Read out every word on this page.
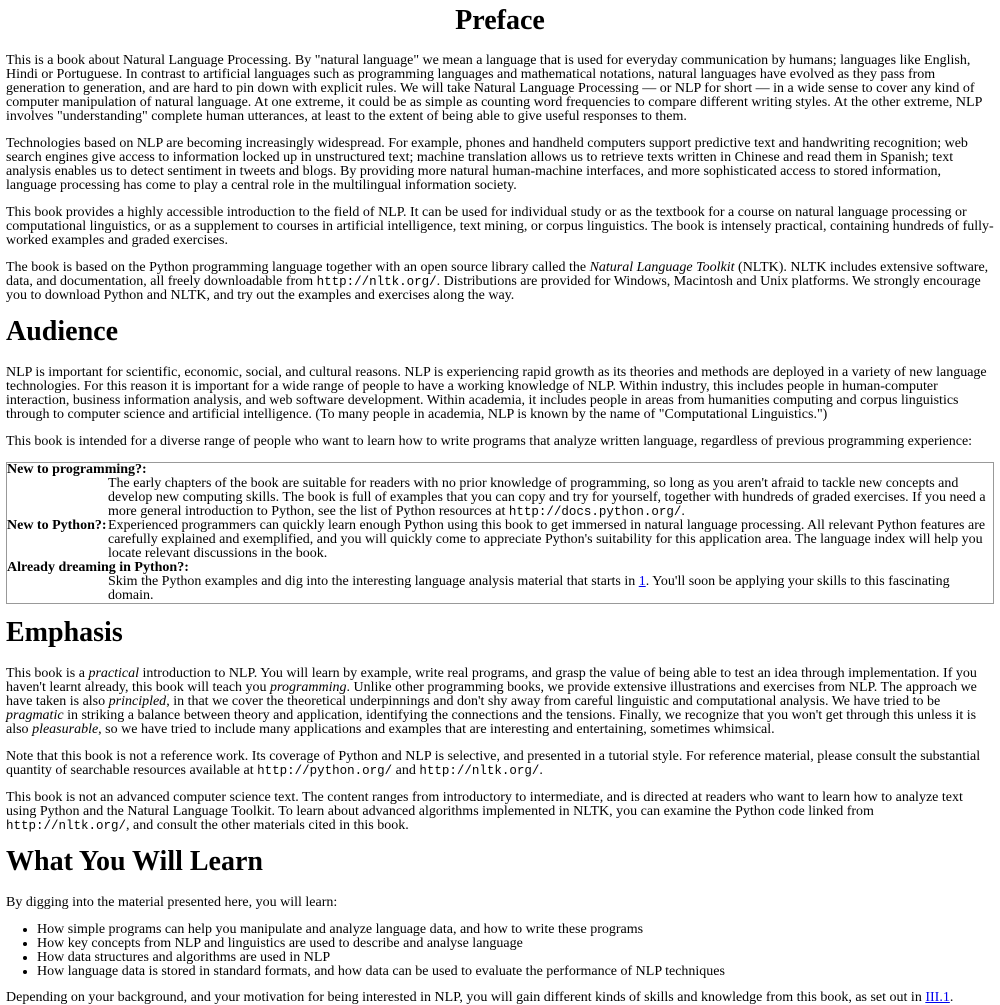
Preface

This is a book about Natural Language Processing. By "natural language" we mean a language that is used for everyday communication by humans; languages like English, Hindi or Portuguese. In contrast to artificial languages such as programming languages and mathematical notations, natural languages have evolved as they pass from generation to generation, and are hard to pin down with explicit rules. We will take Natural Language Processing — or NLP for short — in a wide sense to cover any kind of computer manipulation of natural language. At one extreme, it could be as simple as counting word frequencies to compare different writing styles. At the other extreme, NLP involves "understanding" complete human utterances, at least to the extent of being able to give useful responses to them.

Technologies based on NLP are becoming increasingly widespread. For example, phones and handheld computers support predictive text and handwriting recognition; web search engines give access to information locked up in unstructured text; machine translation allows us to retrieve texts written in Chinese and read them in Spanish; text analysis enables us to detect sentiment in tweets and blogs. By providing more natural human-machine interfaces, and more sophisticated access to stored information, language processing has come to play a central role in the multilingual information society.

This book provides a highly accessible introduction to the field of NLP. It can be used for individual study or as the textbook for a course on natural language processing or computational linguistics, or as a supplement to courses in artificial intelligence, text mining, or corpus linguistics. The book is intensely practical, containing hundreds of fully-worked examples and graded exercises.

The book is based on the Python programming language together with an open source library called the Natural Language Toolkit (NLTK). NLTK includes extensive software, data, and documentation, all freely downloadable from http://nltk.org/. Distributions are provided for Windows, Macintosh and Unix platforms. We strongly encourage you to download Python and NLTK, and try out the examples and exercises along the way.

Audience

NLP is important for scientific, economic, social, and cultural reasons. NLP is experiencing rapid growth as its theories and methods are deployed in a variety of new language technologies. For this reason it is important for a wide range of people to have a working knowledge of NLP. Within industry, this includes people in human-computer interaction, business information analysis, and web software development. Within academia, it includes people in areas from humanities computing and corpus linguistics through to computer science and artificial intelligence. (To many people in academia, NLP is known by the name of "Computational Linguistics.")

This book is intended for a diverse range of people who want to learn how to write programs that analyze written language, regardless of previous programming experience:

New to programming?:
The early chapters of the book are suitable for readers with no prior knowledge of programming, so long as you aren't afraid to tackle new concepts and develop new computing skills. The book is full of examples that you can copy and try for yourself, together with hundreds of graded exercises. If you need a more general introduction to Python, see the list of Python resources at http://docs.python.org/.
New to Python?:	Experienced programmers can quickly learn enough Python using this book to get immersed in natural language processing. All relevant Python features are carefully explained and exemplified, and you will quickly come to appreciate Python's suitability for this application area. The language index will help you locate relevant discussions in the book.
Already dreaming in Python?:
Skim the Python examples and dig into the interesting language analysis material that starts in 1. You'll soon be applying your skills to this fascinating domain.
Emphasis

This book is a practical introduction to NLP. You will learn by example, write real programs, and grasp the value of being able to test an idea through implementation. If you haven't learnt already, this book will teach you programming. Unlike other programming books, we provide extensive illustrations and exercises from NLP. The approach we have taken is also principled, in that we cover the theoretical underpinnings and don't shy away from careful linguistic and computational analysis. We have tried to be pragmatic in striking a balance between theory and application, identifying the connections and the tensions. Finally, we recognize that you won't get through this unless it is also pleasurable, so we have tried to include many applications and examples that are interesting and entertaining, sometimes whimsical.

Note that this book is not a reference work. Its coverage of Python and NLP is selective, and presented in a tutorial style. For reference material, please consult the substantial quantity of searchable resources available at http://python.org/ and http://nltk.org/.

This book is not an advanced computer science text. The content ranges from introductory to intermediate, and is directed at readers who want to learn how to analyze text using Python and the Natural Language Toolkit. To learn about advanced algorithms implemented in NLTK, you can examine the Python code linked from http://nltk.org/, and consult the other materials cited in this book.

What You Will Learn

By digging into the material presented here, you will learn:

• How simple programs can help you manipulate and analyze language data, and how to write these programs
• How key concepts from NLP and linguistics are used to describe and analyse language
• How data structures and algorithms are used in NLP
• How language data is stored in standard formats, and how data can be used to evaluate the performance of NLP techniques

Depending on your background, and your motivation for being interested in NLP, you will gain different kinds of skills and knowledge from this book, as set out in III.1.
